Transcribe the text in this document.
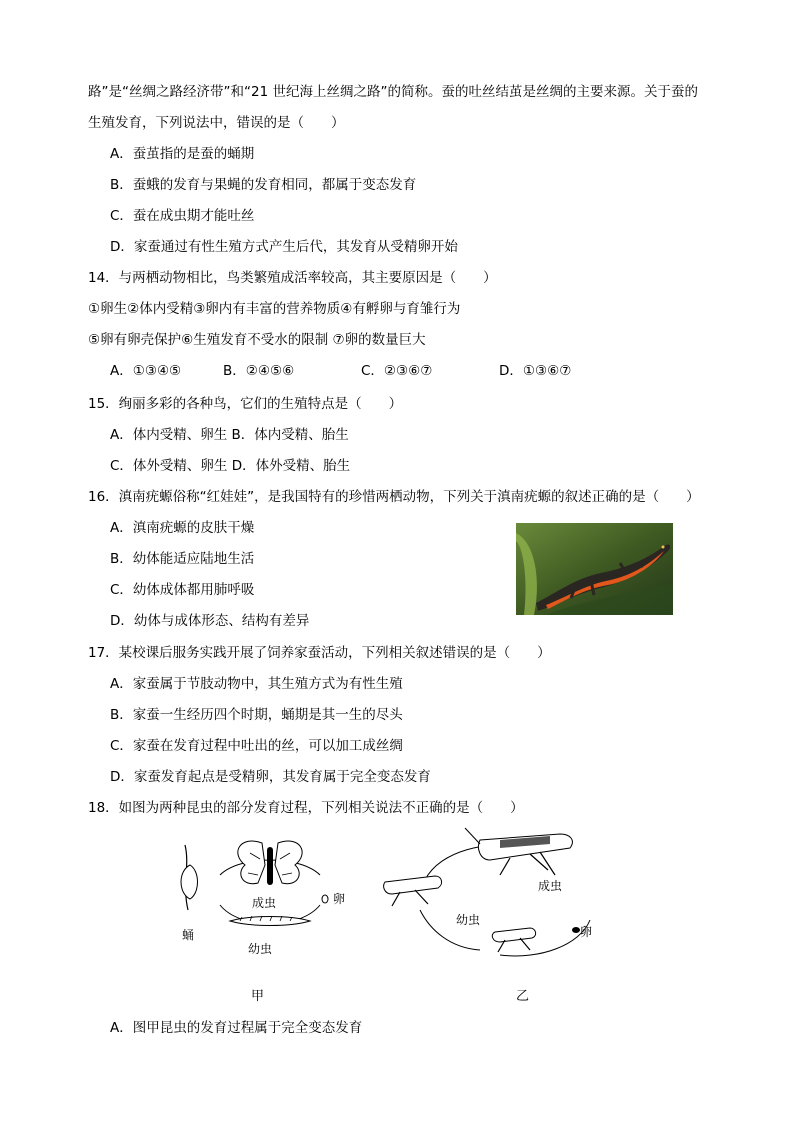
路”是“丝绸之路经济带”和“21 世纪海上丝绸之路”的简称。蚕的吐丝结茧是丝绸的主要来源。关于蚕的
生殖发育，下列说法中，错误的是（　　）
A．蚕茧指的是蚕的蛹期
B．蚕蛾的发育与果蝇的发育相同，都属于变态发育
C．蚕在成虫期才能吐丝
D．家蚕通过有性生殖方式产生后代，其发育从受精卵开始
14．与两栖动物相比，鸟类繁殖成活率较高，其主要原因是（　　）
①卵生②体内受精③卵内有丰富的营养物质④有孵卵与育雏行为
⑤卵有卵壳保护⑥生殖发育不受水的限制 ⑦卵的数量巨大
A．①③④⑤	B．②④⑤⑥	C．②③⑥⑦	D．①③⑥⑦
15．绚丽多彩的各种鸟，它们的生殖特点是（　　）
A．体内受精、卵生 B．体内受精、胎生
C．体外受精、卵生 D．体外受精、胎生
16．滇南疣螈俗称“红娃娃”，是我国特有的珍惜两栖动物，下列关于滇南疣螈的叙述正确的是（　　）
A．滇南疣螈的皮肤干燥
B．幼体能适应陆地生活
C．幼体成体都用肺呼吸
D．幼体与成体形态、结构有差异
17．某校课后服务实践开展了饲养家蚕活动，下列相关叙述错误的是（　　）
A．家蚕属于节肢动物中，其生殖方式为有性生殖
B．家蚕一生经历四个时期，蛹期是其一生的尽头
C．家蚕在发育过程中吐出的丝，可以加工成丝绸
D．家蚕发育起点是受精卵，其发育属于完全变态发育
18．如图为两种昆虫的部分发育过程，下列相关说法不正确的是（　　）
成虫	卵
蛹
幼虫
甲
成虫
幼虫
卵
乙
A．图甲昆虫的发育过程属于完全变态发育
